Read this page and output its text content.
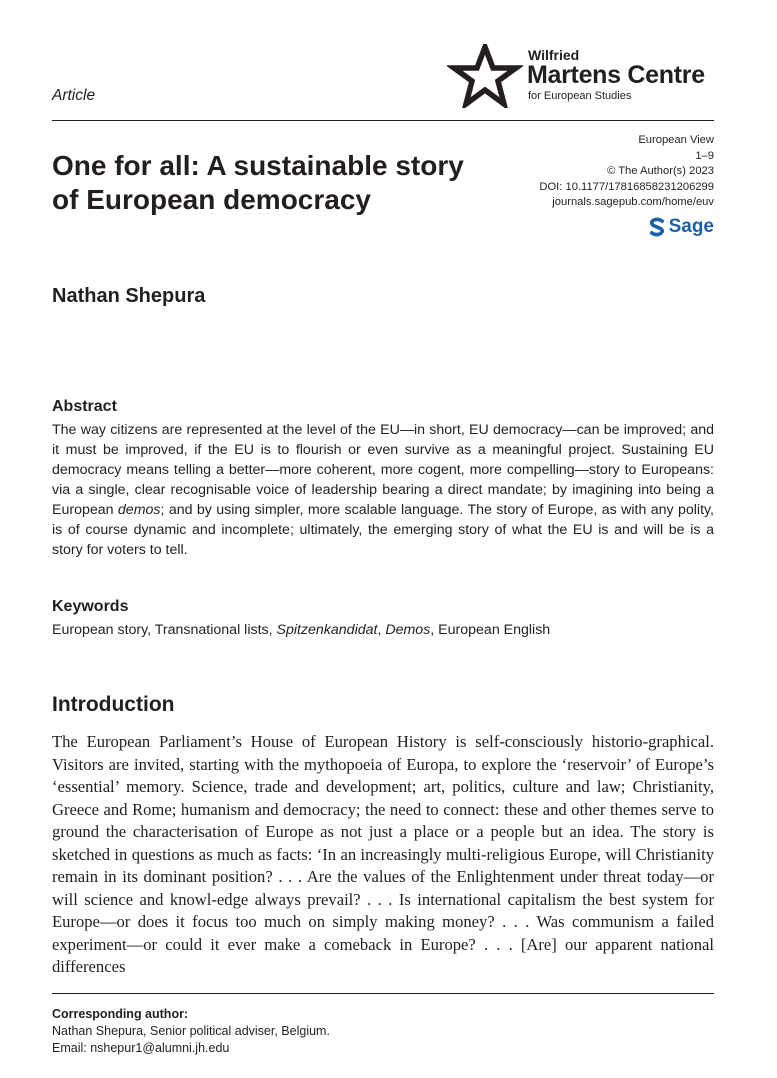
Article
Wilfried
Martens Centre
for European Studies
European View
1–9
© The Author(s) 2023
DOI: 10.1177/17816858231206299
journals.sagepub.com/home/euv
Sage
One for all: A sustainable story
of European democracy
Nathan Shepura
Abstract
The way citizens are represented at the level of the EU—in short, EU democracy—can be improved; and it must be improved, if the EU is to flourish or even survive as a meaningful project. Sustaining EU democracy means telling a better—more coherent, more cogent, more compelling—story to Europeans: via a single, clear recognisable voice of leadership bearing a direct mandate; by imagining into being a European demos; and by using simpler, more scalable language. The story of Europe, as with any polity, is of course dynamic and incomplete; ultimately, the emerging story of what the EU is and will be is a story for voters to tell.
Keywords
European story, Transnational lists, Spitzenkandidat, Demos, European English
Introduction
The European Parliament’s House of European History is self-consciously historio-graphical. Visitors are invited, starting with the mythopoeia of Europa, to explore the ‘reservoir’ of Europe’s ‘essential’ memory. Science, trade and development; art, politics, culture and law; Christianity, Greece and Rome; humanism and democracy; the need to connect: these and other themes serve to ground the characterisation of Europe as not just a place or a people but an idea. The story is sketched in questions as much as facts: ‘In an increasingly multi-religious Europe, will Christianity remain in its dominant position? . . . Are the values of the Enlightenment under threat today—or will science and knowl-edge always prevail? . . . Is international capitalism the best system for Europe—or does it focus too much on simply making money? . . . Was communism a failed experiment—or could it ever make a comeback in Europe? . . . [Are] our apparent national differences
Corresponding author:
Nathan Shepura, Senior political adviser, Belgium.
Email: nshepur1@alumni.jh.edu
